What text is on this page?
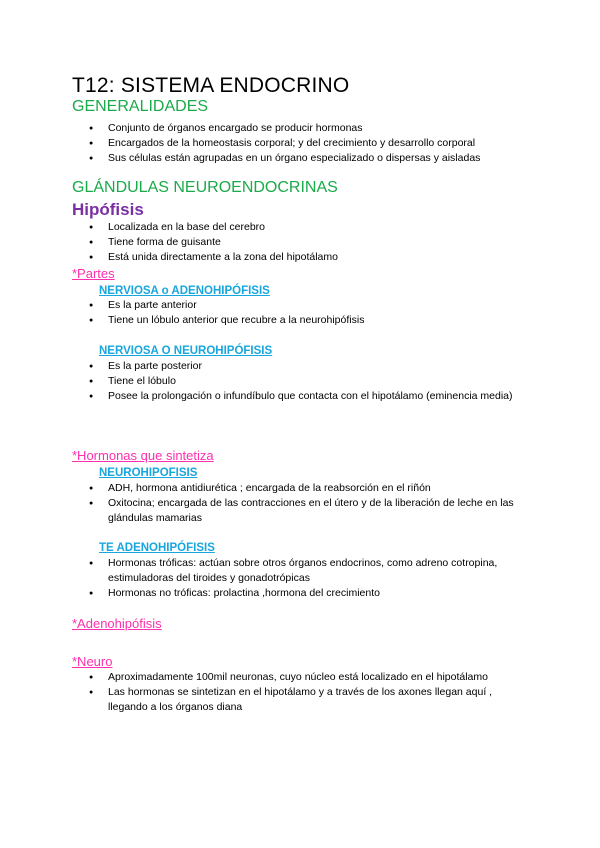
T12: SISTEMA ENDOCRINO
GENERALIDADES
● Conjunto de órganos encargado se producir hormonas
● Encargados de la homeostasis corporal; y del crecimiento y desarrollo corporal
● Sus células están agrupadas en un órgano especializado o dispersas y aisladas
GLÁNDULAS NEUROENDOCRINAS
Hipófisis
● Localizada en la base del cerebro
● Tiene forma de guisante
● Está unida directamente a la zona del hipotálamo
*Partes
NERVIOSA o ADENOHIPÓFISIS
● Es la parte anterior
● Tiene un lóbulo anterior que recubre a la neurohipófisis
NERVIOSA O NEUROHIPÓFISIS
● Es la parte posterior
● Tiene el lóbulo
● Posee la prolongación o infundíbulo que contacta con el hipotálamo (eminencia media)
*Hormonas que sintetiza
NEUROHIPOFISIS
● ADH, hormona antidiurética ; encargada de la reabsorción en el riñón
● Oxitocina; encargada de las contracciones en el útero y de la liberación de leche en las glándulas mamarias
TE ADENOHIPÓFISIS
● Hormonas tróficas: actúan sobre otros órganos endocrinos, como adreno cotropina, estimuladoras del tiroides y gonadotrópicas
● Hormonas no tróficas: prolactina ,hormona del crecimiento
*Adenohipófisis
*Neuro
● Aproximadamente 100mil neuronas, cuyo núcleo está localizado en el hipotálamo
● Las hormonas se sintetizan en el hipotálamo y a través de los axones llegan aquí , llegando a los órganos diana
